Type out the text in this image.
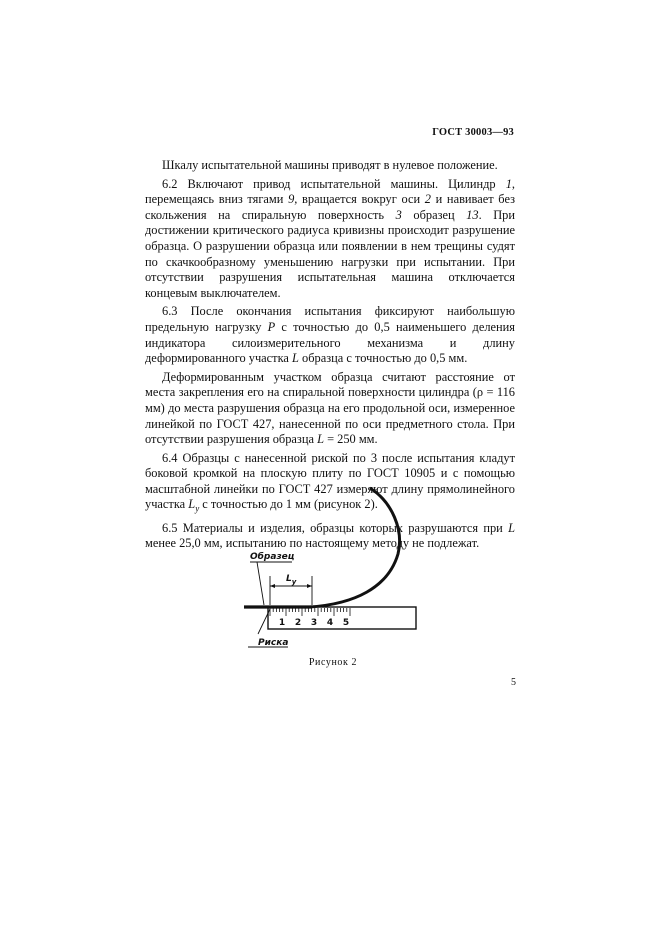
ГОСТ 30003—93

Шкалу испытательной машины приводят в нулевое положение.

6.2 Включают привод испытательной машины. Цилиндр 1, перемещаясь вниз тягами 9, вращается вокруг оси 2 и навивает без скольжения на спиральную поверхность 3 образец 13. При достижении критического радиуса кривизны происходит разрушение образца. О разрушении образца или появлении в нем трещины судят по скачкообразному уменьшению нагрузки при испытании. При отсутствии разрушения испытательная машина отключается концевым выключателем.

6.3 После окончания испытания фиксируют наибольшую предельную нагрузку P с точностью до 0,5 наименьшего деления индикатора силоизмерительного механизма и длину деформированного участка L образца с точностью до 0,5 мм.

Деформированным участком образца считают расстояние от места закрепления его на спиральной поверхности цилиндра (ρ = 116 мм) до места разрушения образца на его продольной оси, измеренное линейкой по ГОСТ 427, нанесенной по оси предметного стола. При отсутствии разрушения образца L = 250 мм.

6.4 Образцы с нанесенной риской по 3 после испытания кладут боковой кромкой на плоскую плиту по ГОСТ 10905 и с помощью масштабной линейки по ГОСТ 427 измеряют длину прямолинейного участка $L_у$ с точностью до 1 мм (рисунок 2).

6.5 Материалы и изделия, образцы которых разрушаются при L менее 25,0 мм, испытанию по настоящему методу не подлежат.

Образец
$L_у$
1 2 3 4 5
Риска
Рисунок 2
5
